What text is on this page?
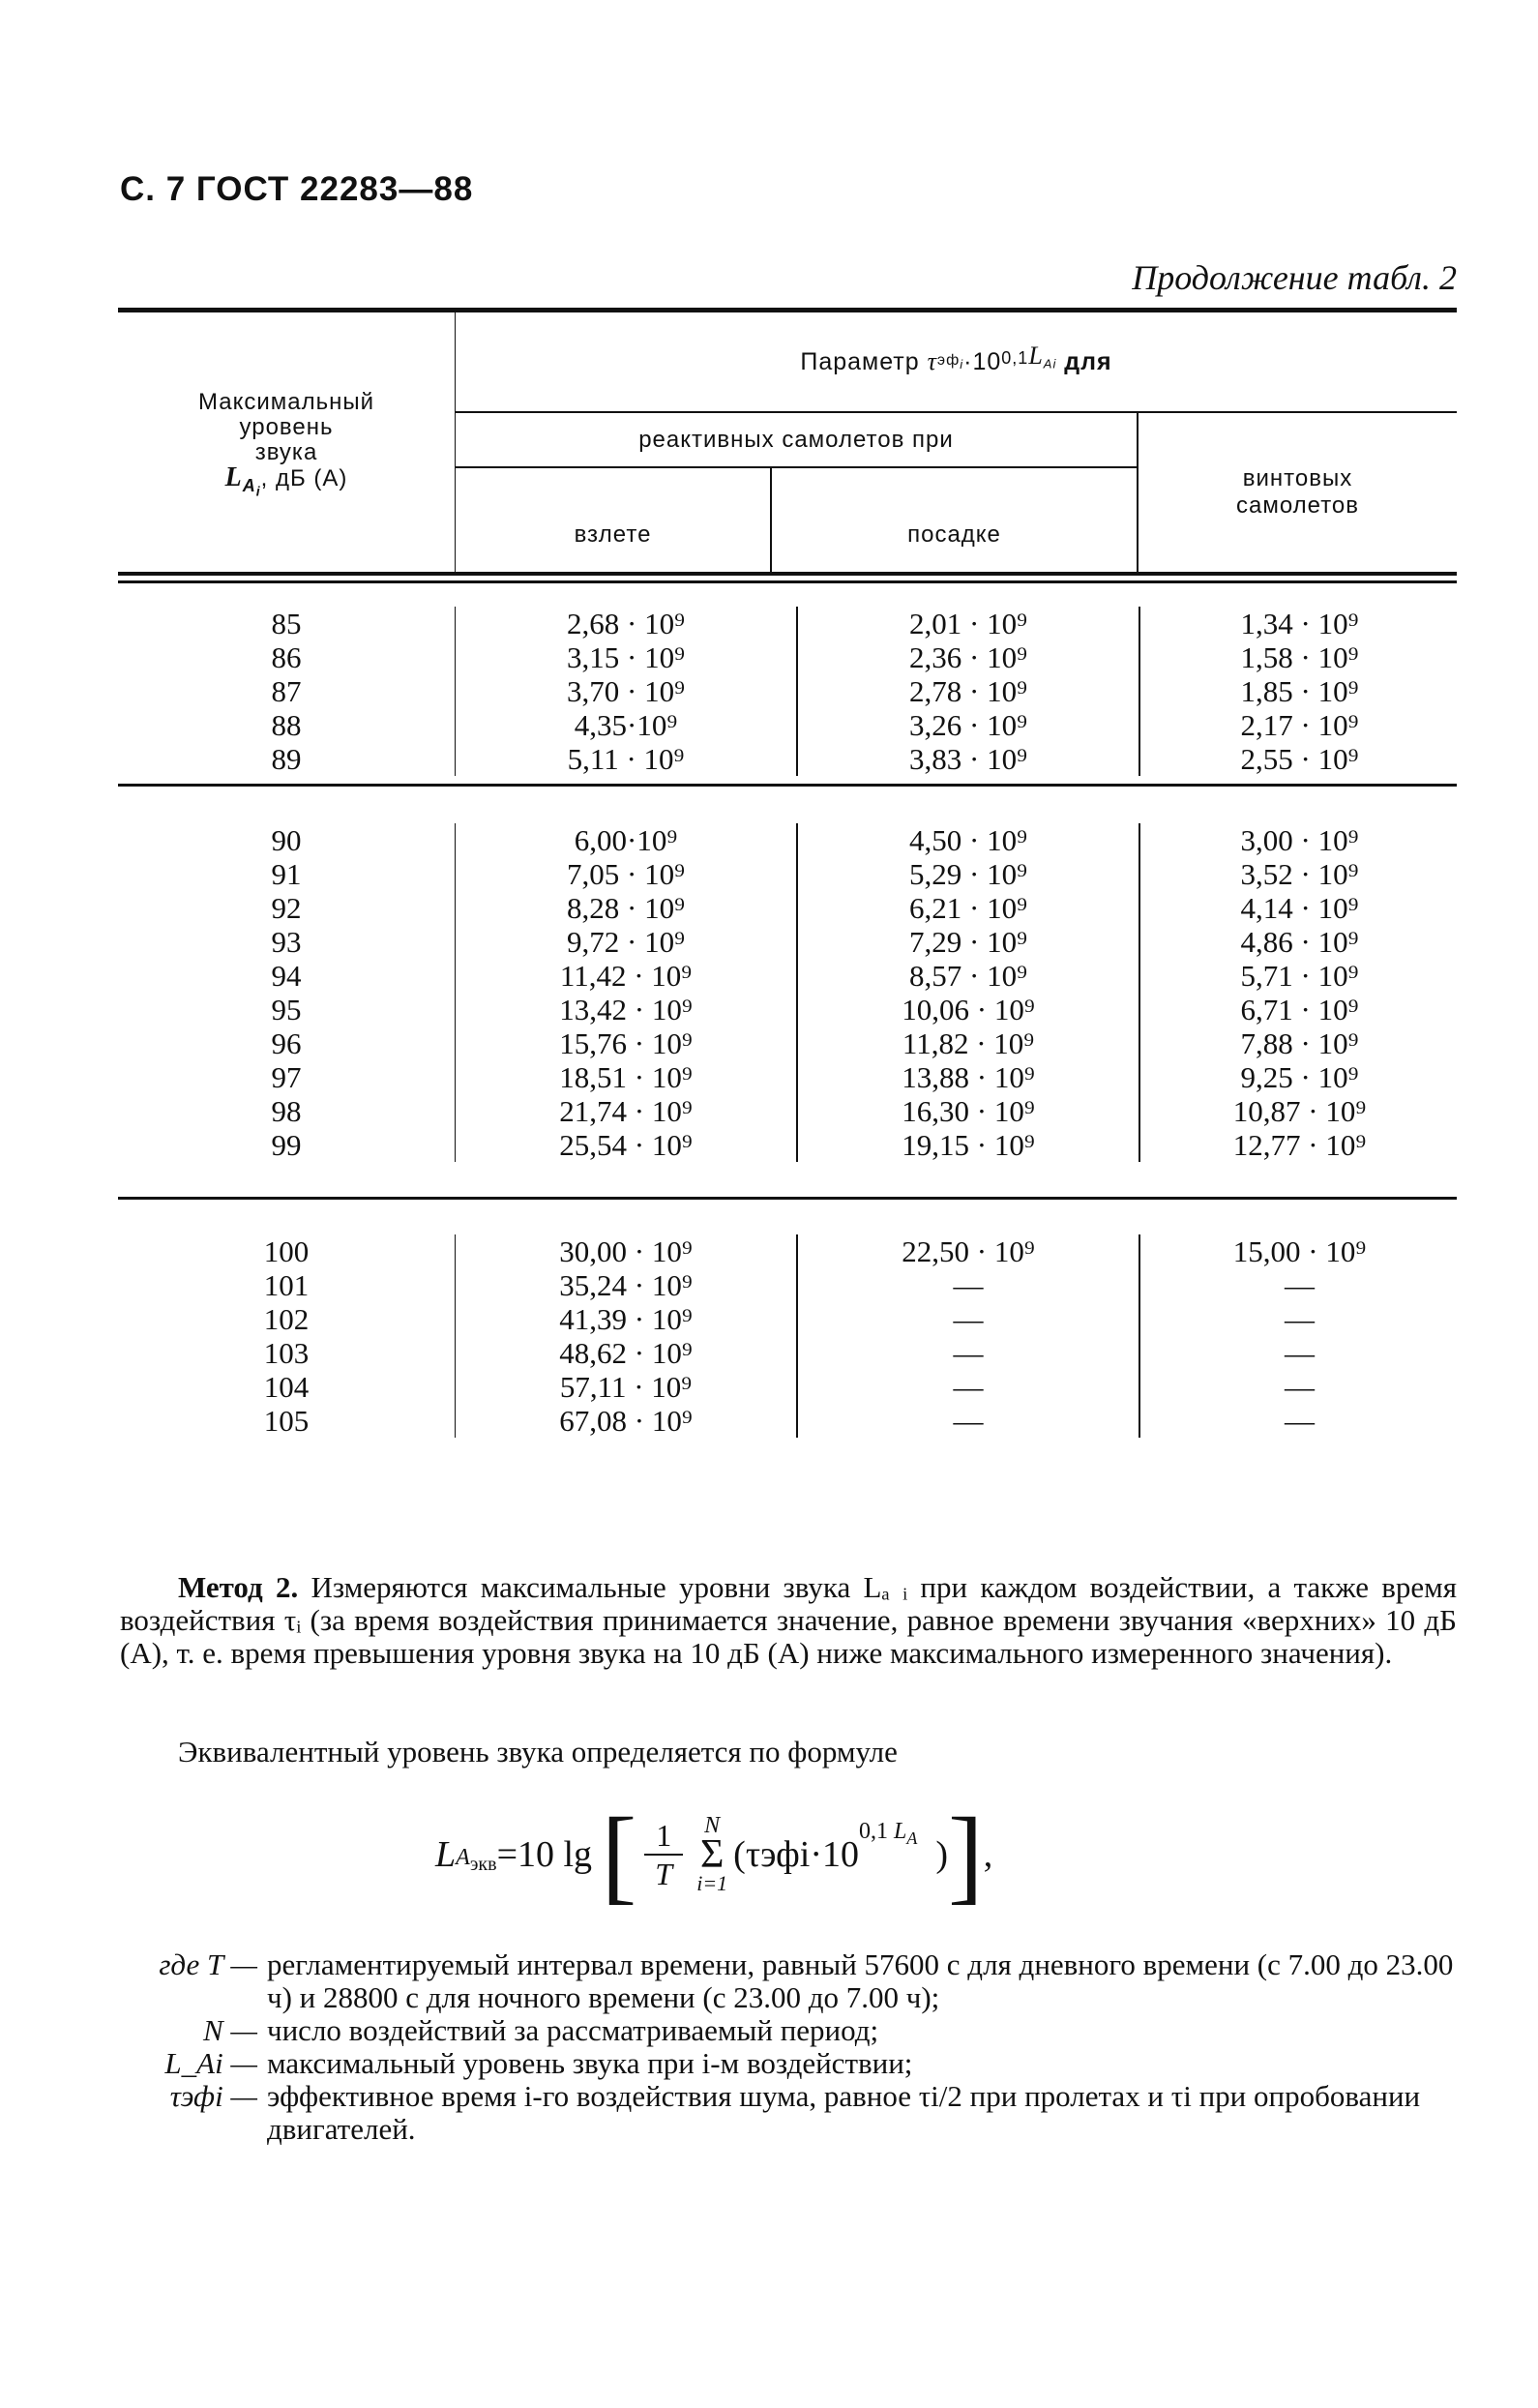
С. 7 ГОСТ 22283—88
Продолжение табл. 2
Максимальный
уровень
звука
$L_{A_i}$, дБ (А)
Параметр
τ $эф_i \cdot 10$ $^{0,1L_{Ai}}$
для
реактивных самолетов при
взлете	посадке
винтовых
самолетов
85
86
87
88
89
2,68 · 10⁹
3,15 · 10⁹
3,70 · 10⁹
4,35·10⁹
5,11 · 10⁹
2,01 · 10⁹
2,36 · 10⁹
2,78 · 10⁹
3,26 · 10⁹
3,83 · 10⁹
1,34 · 10⁹
1,58 · 10⁹
1,85 · 10⁹
2,17 · 10⁹
2,55 · 10⁹
90
91
92
93
94
95
96
97
98
99
6,00·10⁹
7,05 · 10⁹
8,28 · 10⁹
9,72 · 10⁹
11,42 · 10⁹
13,42 · 10⁹
15,76 · 10⁹
18,51 · 10⁹
21,74 · 10⁹
25,54 · 10⁹
4,50 · 10⁹
5,29 · 10⁹
6,21 · 10⁹
7,29 · 10⁹
8,57 · 10⁹
10,06 · 10⁹
11,82 · 10⁹
13,88 · 10⁹
16,30 · 10⁹
19,15 · 10⁹
3,00 · 10⁹
3,52 · 10⁹
4,14 · 10⁹
4,86 · 10⁹
5,71 · 10⁹
6,71 · 10⁹
7,88 · 10⁹
9,25 · 10⁹
10,87 · 10⁹
12,77 · 10⁹
100
101
102
103
104
105
30,00 · 10⁹
35,24 · 10⁹
41,39 · 10⁹
48,62 · 10⁹
57,11 · 10⁹
67,08 · 10⁹
22,50 · 10⁹
—
—
—
—
—
15,00 · 10⁹
—
—
—
—
—
Метод 2. Измеряются максимальные уровни звука Lₐ ᵢ при каждом воздействии, а также время воздействия τᵢ (за время воздействия принимается значение, равное времени звучания «верхних» 10 дБ (А), т. е. время превышения уровня звука на 10 дБ (А) ниже максимального измеренного значения).
Эквивалентный уровень звука определяется по формуле
L $_{A_{экв}}$ =10 lg
[ 1
T
N
Σ
i=1
(τэфi·10
$^{0,1 L_A}$
) ] ,
где T — регламентируемый интервал времени, равный 57600 с для дневного времени (с 7.00 до 23.00 ч) и 28800 с для ночного времени (с 23.00 до 7.00 ч);
N — число воздействий за рассматриваемый период;
L_Ai — максимальный уровень звука при i-м воздействии;
τэфi — эффективное время i-го воздействия шума, равное τi/2 при пролетах и τi при опробовании двигателей.
